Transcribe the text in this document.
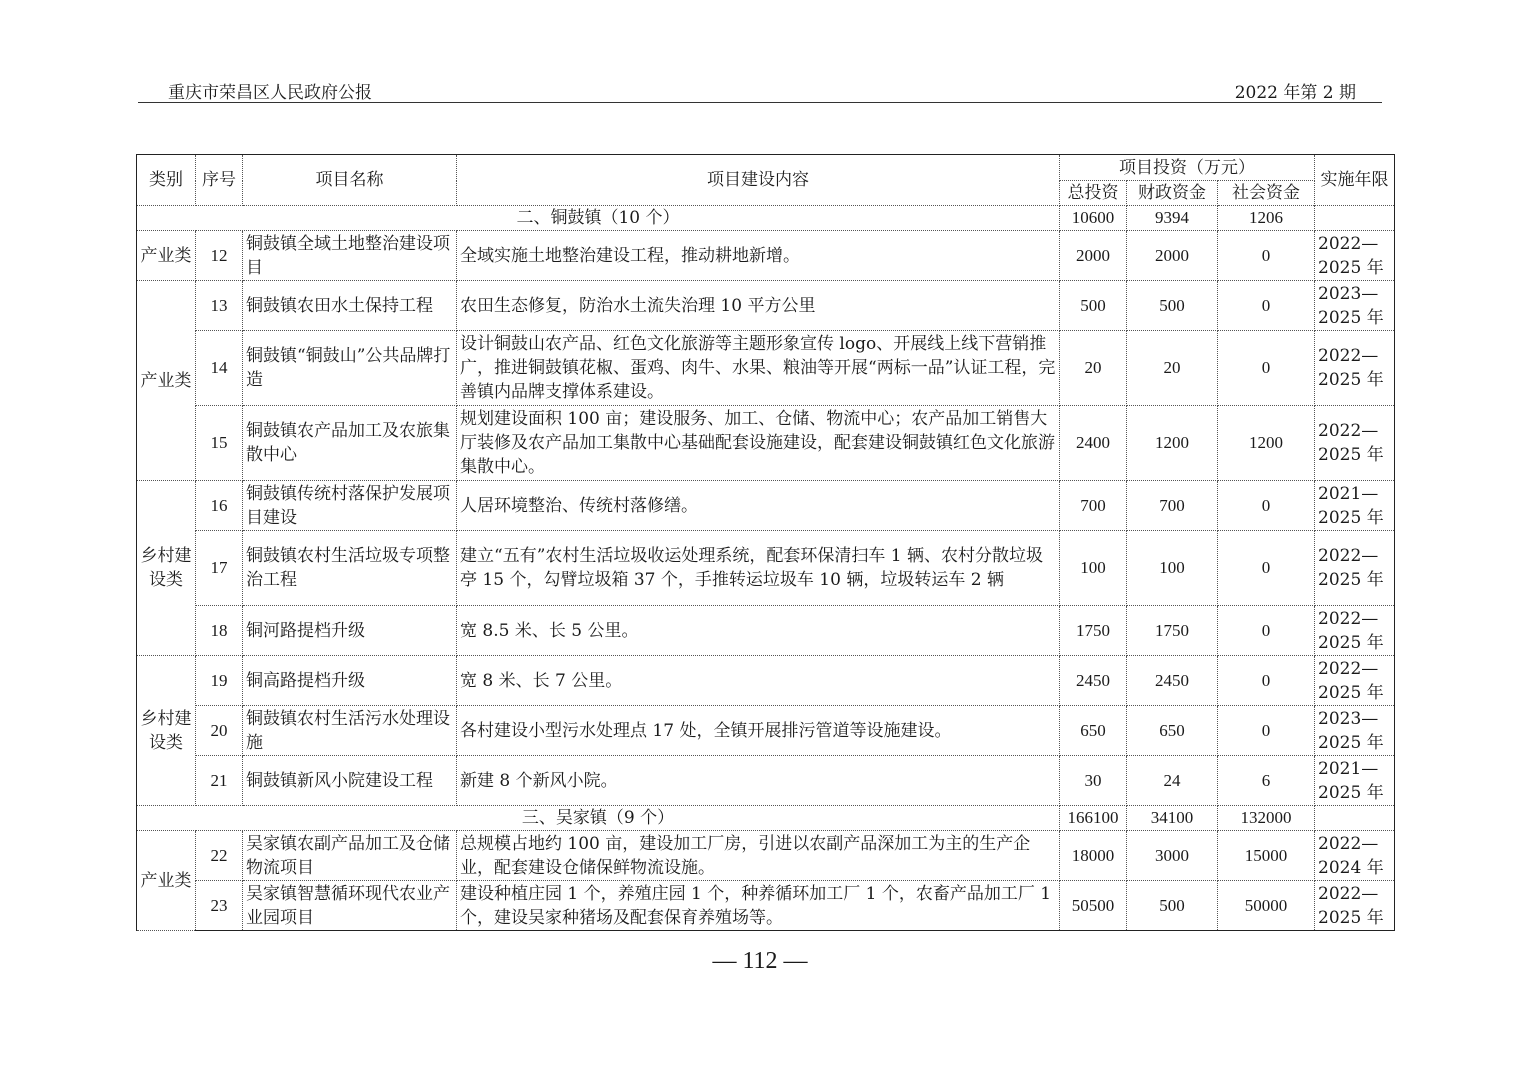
重庆市荣昌区人民政府公报	2022 年第 2 期
类别	序号	项目名称	项目建设内容	项目投资（万元）			实施年限
				总投资	财政资金	社会资金	
二、铜鼓镇（10 个）				10600	9394	1206	
产业类	12	铜鼓镇全域土地整治建设项目	全域实施土地整治建设工程，推动耕地新增。	2000	2000	0	2022—2025 年
产业类	13	铜鼓镇农田水土保持工程	农田生态修复，防治水土流失治理 10 平方公里	500	500	0	2023—2025 年
	14	铜鼓镇“铜鼓山”公共品牌打造	设计铜鼓山农产品、红色文化旅游等主题形象宣传 logo、开展线上线下营销推广，推进铜鼓镇花椒、蛋鸡、肉牛、水果、粮油等开展“两标一品”认证工程，完善镇内品牌支撑体系建设。	20	20	0	2022—2025 年
	15	铜鼓镇农产品加工及农旅集散中心	规划建设面积 100 亩；建设服务、加工、仓储、物流中心；农产品加工销售大厅装修及农产品加工集散中心基础配套设施建设，配套建设铜鼓镇红色文化旅游集散中心。	2400	1200	1200	2022—2025 年
乡村建设类	16	铜鼓镇传统村落保护发展项目建设	人居环境整治、传统村落修缮。	700	700	0	2021—2025 年
	17	铜鼓镇农村生活垃圾专项整治工程	建立“五有”农村生活垃圾收运处理系统，配套环保清扫车 1 辆、农村分散垃圾亭 15 个，勾臂垃圾箱 37 个，手推转运垃圾车 10 辆，垃圾转运车 2 辆	100	100	0	2022—2025 年
	18	铜河路提档升级	宽 8.5 米、长 5 公里。	1750	1750	0	2022—2025 年
乡村建设类	19	铜高路提档升级	宽 8 米、长 7 公里。	2450	2450	0	2022—2025 年
	20	铜鼓镇农村生活污水处理设施	各村建设小型污水处理点 17 处，全镇开展排污管道等设施建设。	650	650	0	2023—2025 年
	21	铜鼓镇新风小院建设工程	新建 8 个新风小院。	30	24	6	2021—2025 年
三、吴家镇（9 个）				166100	34100	132000	
产业类	22	吴家镇农副产品加工及仓储物流项目	总规模占地约 100 亩，建设加工厂房，引进以农副产品深加工为主的生产企业，配套建设仓储保鲜物流设施。	18000	3000	15000	2022—2024 年
	23	吴家镇智慧循环现代农业产业园项目	建设种植庄园 1 个，养殖庄园 1 个，种养循环加工厂 1 个，农畜产品加工厂 1 个，建设吴家种猪场及配套保育养殖场等。	50500	500	50000	2022—2025 年
— 112 —
